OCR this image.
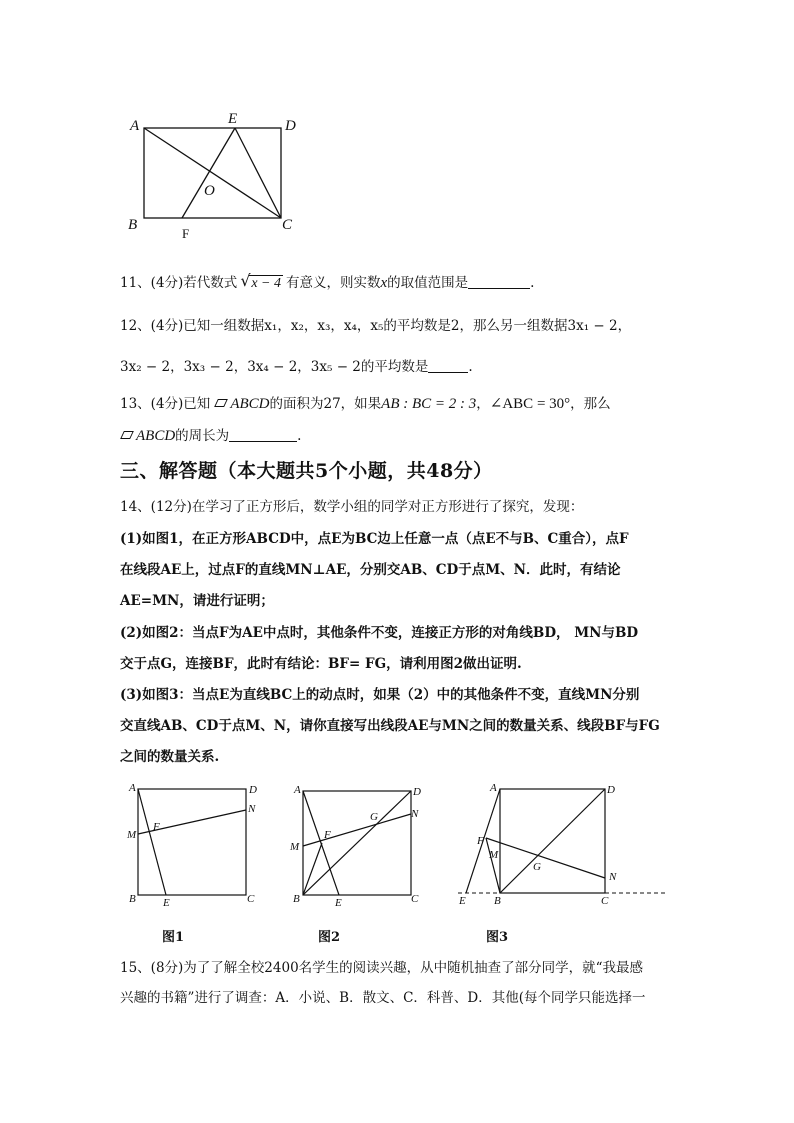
A	E	D
O
B
F
C
11、(4分)若代数式 √ x − 4 有意义，则实数x的取值范围是	.
12、(4分)已知一组数据x₁，x₂，x₃，x₄，x₅的平均数是2，那么另一组数据3x₁ − 2，
3x₂ − 2，3x₃ − 2，3x₄ − 2，3x₅ − 2的平均数是	.
13、(4分)已知 ABCD的面积为27，如果AB : BC = 2 : 3，∠ABC = 30°，那么
ABCD的周长为	.
三、解答题（本大题共5个小题，共48分）
14、(12分)在学习了正方形后，数学小组的同学对正方形进行了探究，发现：
(1)如图1，在正方形ABCD中，点E为BC边上任意一点（点E不与B、C重合），点F
在线段AE上，过点F的直线MN⊥AE，分别交AB、CD于点M、N．此时，有结论
AE=MN，请进行证明；
(2)如图2：当点F为AE中点时，其他条件不变，连接正方形的对角线BD， MN与BD
交于点G，连接BF，此时有结论：BF= FG，请利用图2做出证明.
(3)如图3：当点E为直线BC上的动点时，如果（2）中的其他条件不变，直线MN分别
交直线AB、CD于点M、N，请你直接写出线段AE与MN之间的数量关系、线段BF与FG
之间的数量关系.
A	D
N
M
F
B E	C
A	D
G	N
F
M
B	E	C
A	D
F
M
G
N
E	B	C
图1	图2	图3
15、(8分)为了了解全校2400名学生的阅读兴趣，从中随机抽查了部分同学，就“我最感
兴趣的书籍”进行了调查：A．小说、B．散文、C．科普、D．其他(每个同学只能选择一
